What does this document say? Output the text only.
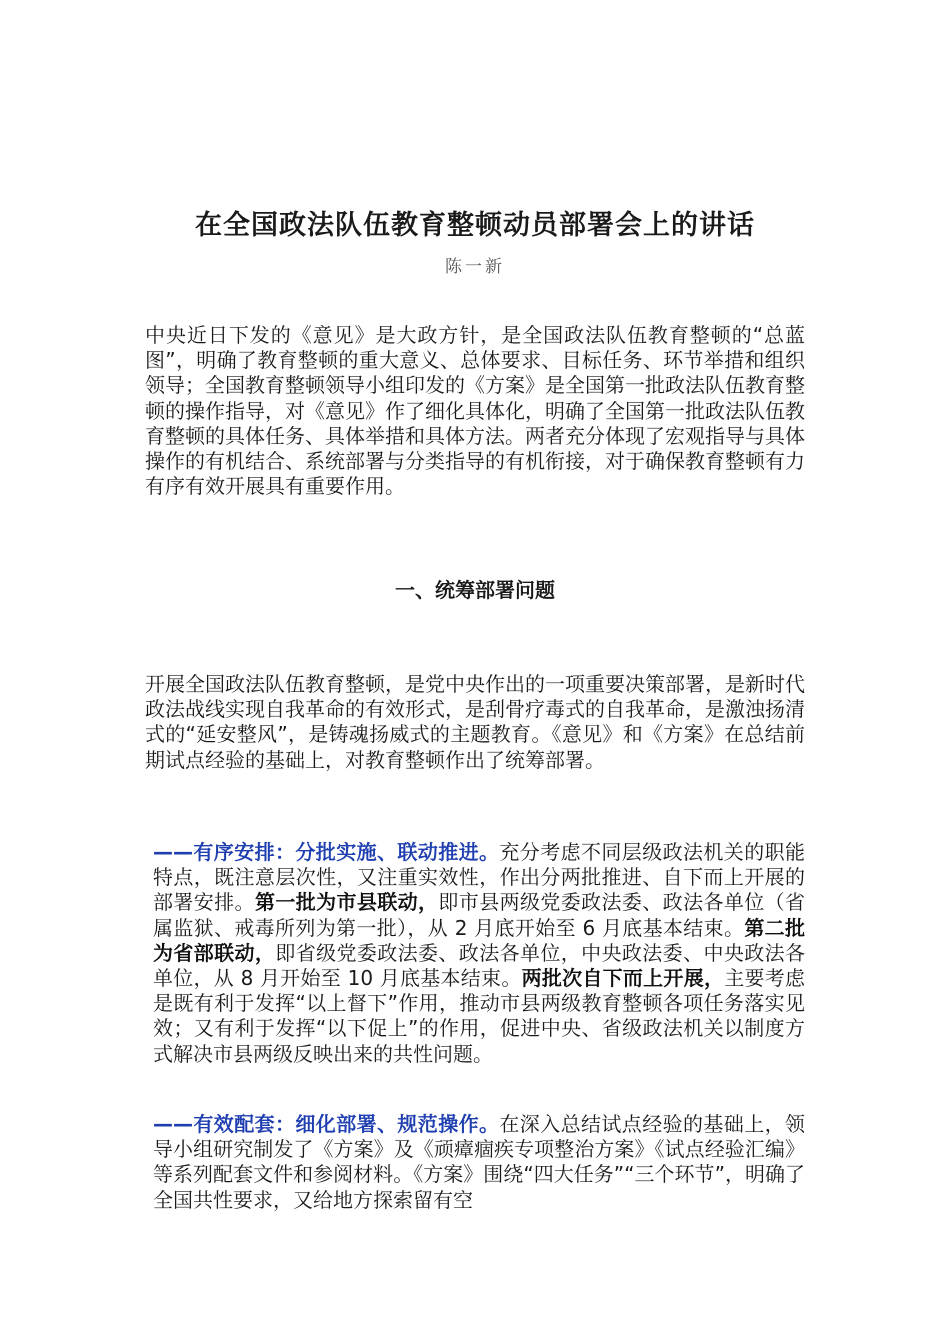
在全国政法队伍教育整顿动员部署会上的讲话

陈一新

中央近日下发的《意见》是大政方针，是全国政法队伍教育整顿的“总蓝图”，明确了教育整顿的重大意义、总体要求、目标任务、环节举措和组织领导；全国教育整顿领导小组印发的《方案》是全国第一批政法队伍教育整顿的操作指导，对《意见》作了细化具体化，明确了全国第一批政法队伍教育整顿的具体任务、具体举措和具体方法。两者充分体现了宏观指导与具体操作的有机结合、系统部署与分类指导的有机衔接，对于确保教育整顿有力有序有效开展具有重要作用。

一、统筹部署问题

开展全国政法队伍教育整顿，是党中央作出的一项重要决策部署，是新时代政法战线实现自我革命的有效形式，是刮骨疗毒式的自我革命，是激浊扬清式的“延安整风”，是铸魂扬威式的主题教育。《意见》和《方案》在总结前期试点经验的基础上，对教育整顿作出了统筹部署。

——有序安排：分批实施、联动推进。充分考虑不同层级政法机关的职能特点，既注意层次性，又注重实效性，作出分两批推进、自下而上开展的部署安排。第一批为市县联动，即市县两级党委政法委、政法各单位（省属监狱、戒毒所列为第一批），从 2 月底开始至 6 月底基本结束。第二批为省部联动，即省级党委政法委、政法各单位，中央政法委、中央政法各单位，从 8 月开始至 10 月底基本结束。两批次自下而上开展，主要考虑是既有利于发挥“以上督下”作用，推动市县两级教育整顿各项任务落实见效；又有利于发挥“以下促上”的作用，促进中央、省级政法机关以制度方式解决市县两级反映出来的共性问题。

——有效配套：细化部署、规范操作。在深入总结试点经验的基础上，领导小组研究制发了《方案》及《顽瘴痼疾专项整治方案》《试点经验汇编》等系列配套文件和参阅材料。《方案》围绕“四大任务”“三个环节”，明确了全国共性要求，又给地方探索留有空
